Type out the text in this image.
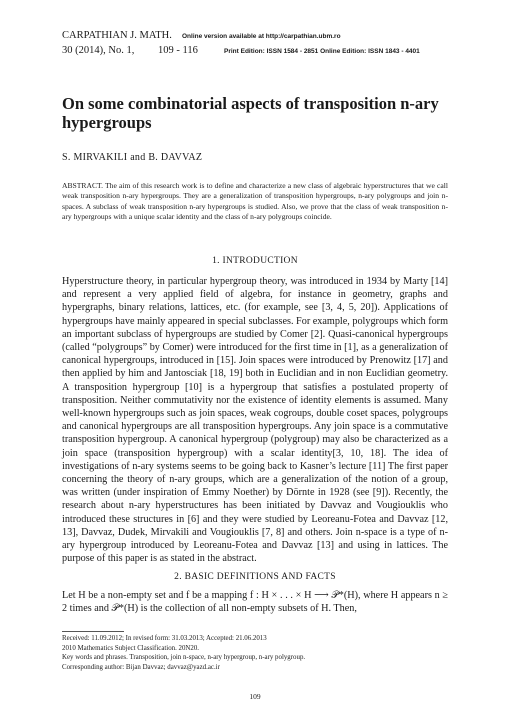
CARPATHIAN J. MATH. Online version available at http://carpathian.ubm.ro
30 (2014), No. 1,	109 - 116	Print Edition: ISSN 1584 - 2851 Online Edition: ISSN 1843 - 4401
On some combinatorial aspects of transposition n-ary hypergroups
S. MIRVAKILI and B. DAVVAZ
ABSTRACT. The aim of this research work is to define and characterize a new class of algebraic hyperstructures that we call weak transposition n-ary hypergroups. They are a generalization of transposition hypergroups, n-ary polygroups and join n-spaces. A subclass of weak transposition n-ary hypergroups is studied. Also, we prove that the class of weak transposition n-ary hypergroups with a unique scalar identity and the class of n-ary polygroups coincide.
1. INTRODUCTION
Hyperstructure theory, in particular hypergroup theory, was introduced in 1934 by Marty [14] and represent a very applied field of algebra, for instance in geometry, graphs and hypergraphs, binary relations, lattices, etc. (for example, see [3, 4, 5, 20]). Applications of hypergroups have mainly appeared in special subclasses. For example, polygroups which form an important subclass of hypergroups are studied by Comer [2]. Quasi-canonical hypergroups (called “polygroups” by Comer) were introduced for the first time in [1], as a generalization of canonical hypergroups, introduced in [15]. Join spaces were introduced by Prenowitz [17] and then applied by him and Jantosciak [18, 19] both in Euclidian and in non Euclidian geometry. A transposition hypergroup [10] is a hypergroup that satisfies a postulated property of transposition. Neither commutativity nor the existence of identity elements is assumed. Many well-known hypergroups such as join spaces, weak cogroups, double coset spaces, polygroups and canonical hypergroups are all transposition hypergroups. Any join space is a commutative transposition hypergroup. A canonical hypergroup (polygroup) may also be characterized as a join space (transposition hypergroup) with a scalar identity[3, 10, 18]. The idea of investigations of n-ary systems seems to be going back to Kasner’s lecture [11] The first paper concerning the theory of n-ary groups, which are a generalization of the notion of a group, was written (under inspiration of Emmy Noether) by Dörnte in 1928 (see [9]). Recently, the research about n-ary hyperstructures has been initiated by Davvaz and Vougiouklis who introduced these structures in [6] and they were studied by Leoreanu-Fotea and Davvaz [12, 13], Davvaz, Dudek, Mirvakili and Vougiouklis [7, 8] and others. Join n-space is a type of n-ary hypergroup introduced by Leoreanu-Fotea and Davvaz [13] and using in lattices. The purpose of this paper is as stated in the abstract.
2. BASIC DEFINITIONS AND FACTS
Let H be a non-empty set and f be a mapping f : H × . . . × H ⟶ 𝒫*(H), where H appears n ≥ 2 times and 𝒫*(H) is the collection of all non-empty subsets of H. Then,
Received: 11.09.2012; In revised form: 31.03.2013; Accepted: 21.06.2013
2010 Mathematics Subject Classification. 20N20.
Key words and phrases. Transposition, join n-space, n-ary hypergroup, n-ary polygroup.
Corresponding author: Bijan Davvaz; davvaz@yazd.ac.ir
109
